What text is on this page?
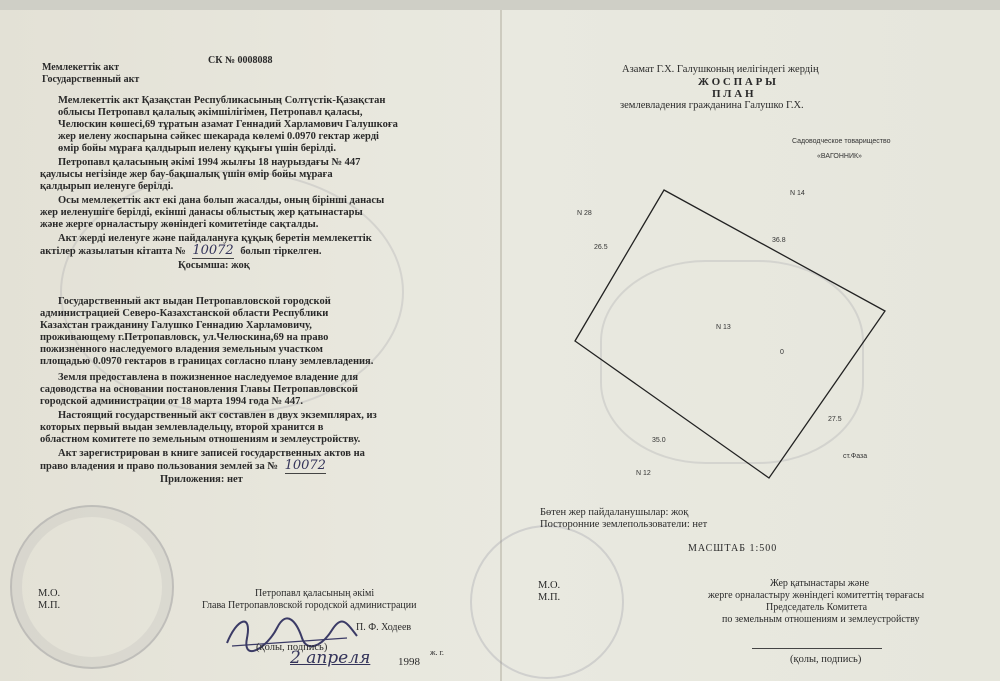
СК № 0008088
Мемлекеттік акт
Государственный акт
Мемлекеттік акт Қазақстан Республикасының Солтүстік-Қазақстан
облысы Петропавл қалалық әкімшілігімен, Петропавл қаласы,
Челюскин көшесі,69 тұратын азамат Геннадий Харламович Галушкоға
жер иелену жоспарына сәйкес шекарада көлемі 0.0970 гектар жерді
өмір бойы мұраға қалдырып иелену құқығы үшін берілді.
Петропавл қаласының әкімі 1994 жылғы 18 наурыздағы № 447
қаулысы негізінде жер бау-бақшалық үшін өмір бойы мұраға
қалдырып иеленуге берілді.
Осы мемлекеттік акт екі дана болып жасалды, оның біріншi данасы
жер иеленушіге берілді, екінші данасы облыстық жер қатынастары
және жерге орналастыру жөніндегі комитетінде сақталды.
Акт жерді иеленуге және пайдалануға құқық беретін мемлекеттік
актілер жазылатын кітапта № 10072 болып тіркелген.
Қосымша: жоқ
Государственный акт выдан Петропавловской городской
администрацией Северо-Казахстанской области Республики
Казахстан гражданину Галушко Геннадию Харламовичу,
проживающему г.Петропавловск, ул.Челюскина,69 на право
пожизненного наследуемого владения земельным участком
площадью 0.0970 гектаров в границах согласно плану землевладения.
Земля предоставлена в пожизненное наследуемое владение для
садоводства на основании постановления Главы Петропавловской
городской администрации от 18 марта 1994 года № 447.
Настоящий государственный акт составлен в двух экземплярах, из
которых первый выдан землевладельцу, второй хранится в
областном комитете по земельным отношениям и землеустройству.
Акт зарегистрирован в книге записей государственных актов на
право владения и право пользования землей за № 10072
Приложения: нет
М.О.
М.П.
Петропавл қаласының әкімі
Глава Петропавловской городской администрации
П. Ф. Ходеев
(қолы, подпись)
2 апреля	1998
ж. г.
Азамат Г.Х. Галушконың иелігіндегі жердің
Ж О С П А Р Ы
П Л А Н
землевладения гражданина Галушко Г.Х.
Садоводческое товарищество
«ВАГОННИК»
N 14
N 28
N 13
N 12
26.5
36.8
27.5
35.0
ст.Фаза
0
Бөтен жер пайдаланушылар: жоқ
Посторонние землепользователи: нет
МАСШТАБ 1:500
М.О.
М.П.
Жер қатынастары және
жерге орналастыру жөніндегі комитеттің төрағасы
Председатель Комитета
по земельным отношениям и землеустройству
(қолы, подпись)
